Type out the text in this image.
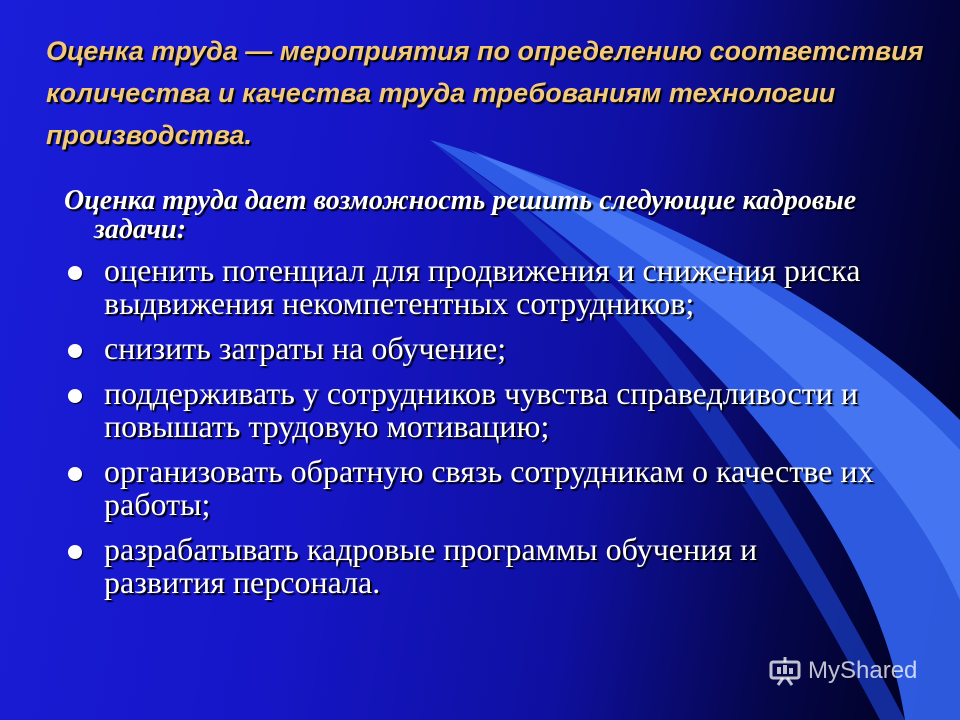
Оценка труда — мероприятия по определению соответствия количества и качества труда требованиям технологии производства.

Оценка труда дает возможность решить следующие кадровые задачи:

оценить потенциал для продвижения и снижения риска выдвижения некомпетентных сотрудников;
снизить затраты на обучение;
поддерживать у сотрудников чувства справедливости и повышать трудовую мотивацию;
организовать обратную связь сотрудникам о качестве их работы;
разрабатывать кадровые программы обучения и развития персонала.
MyShared
